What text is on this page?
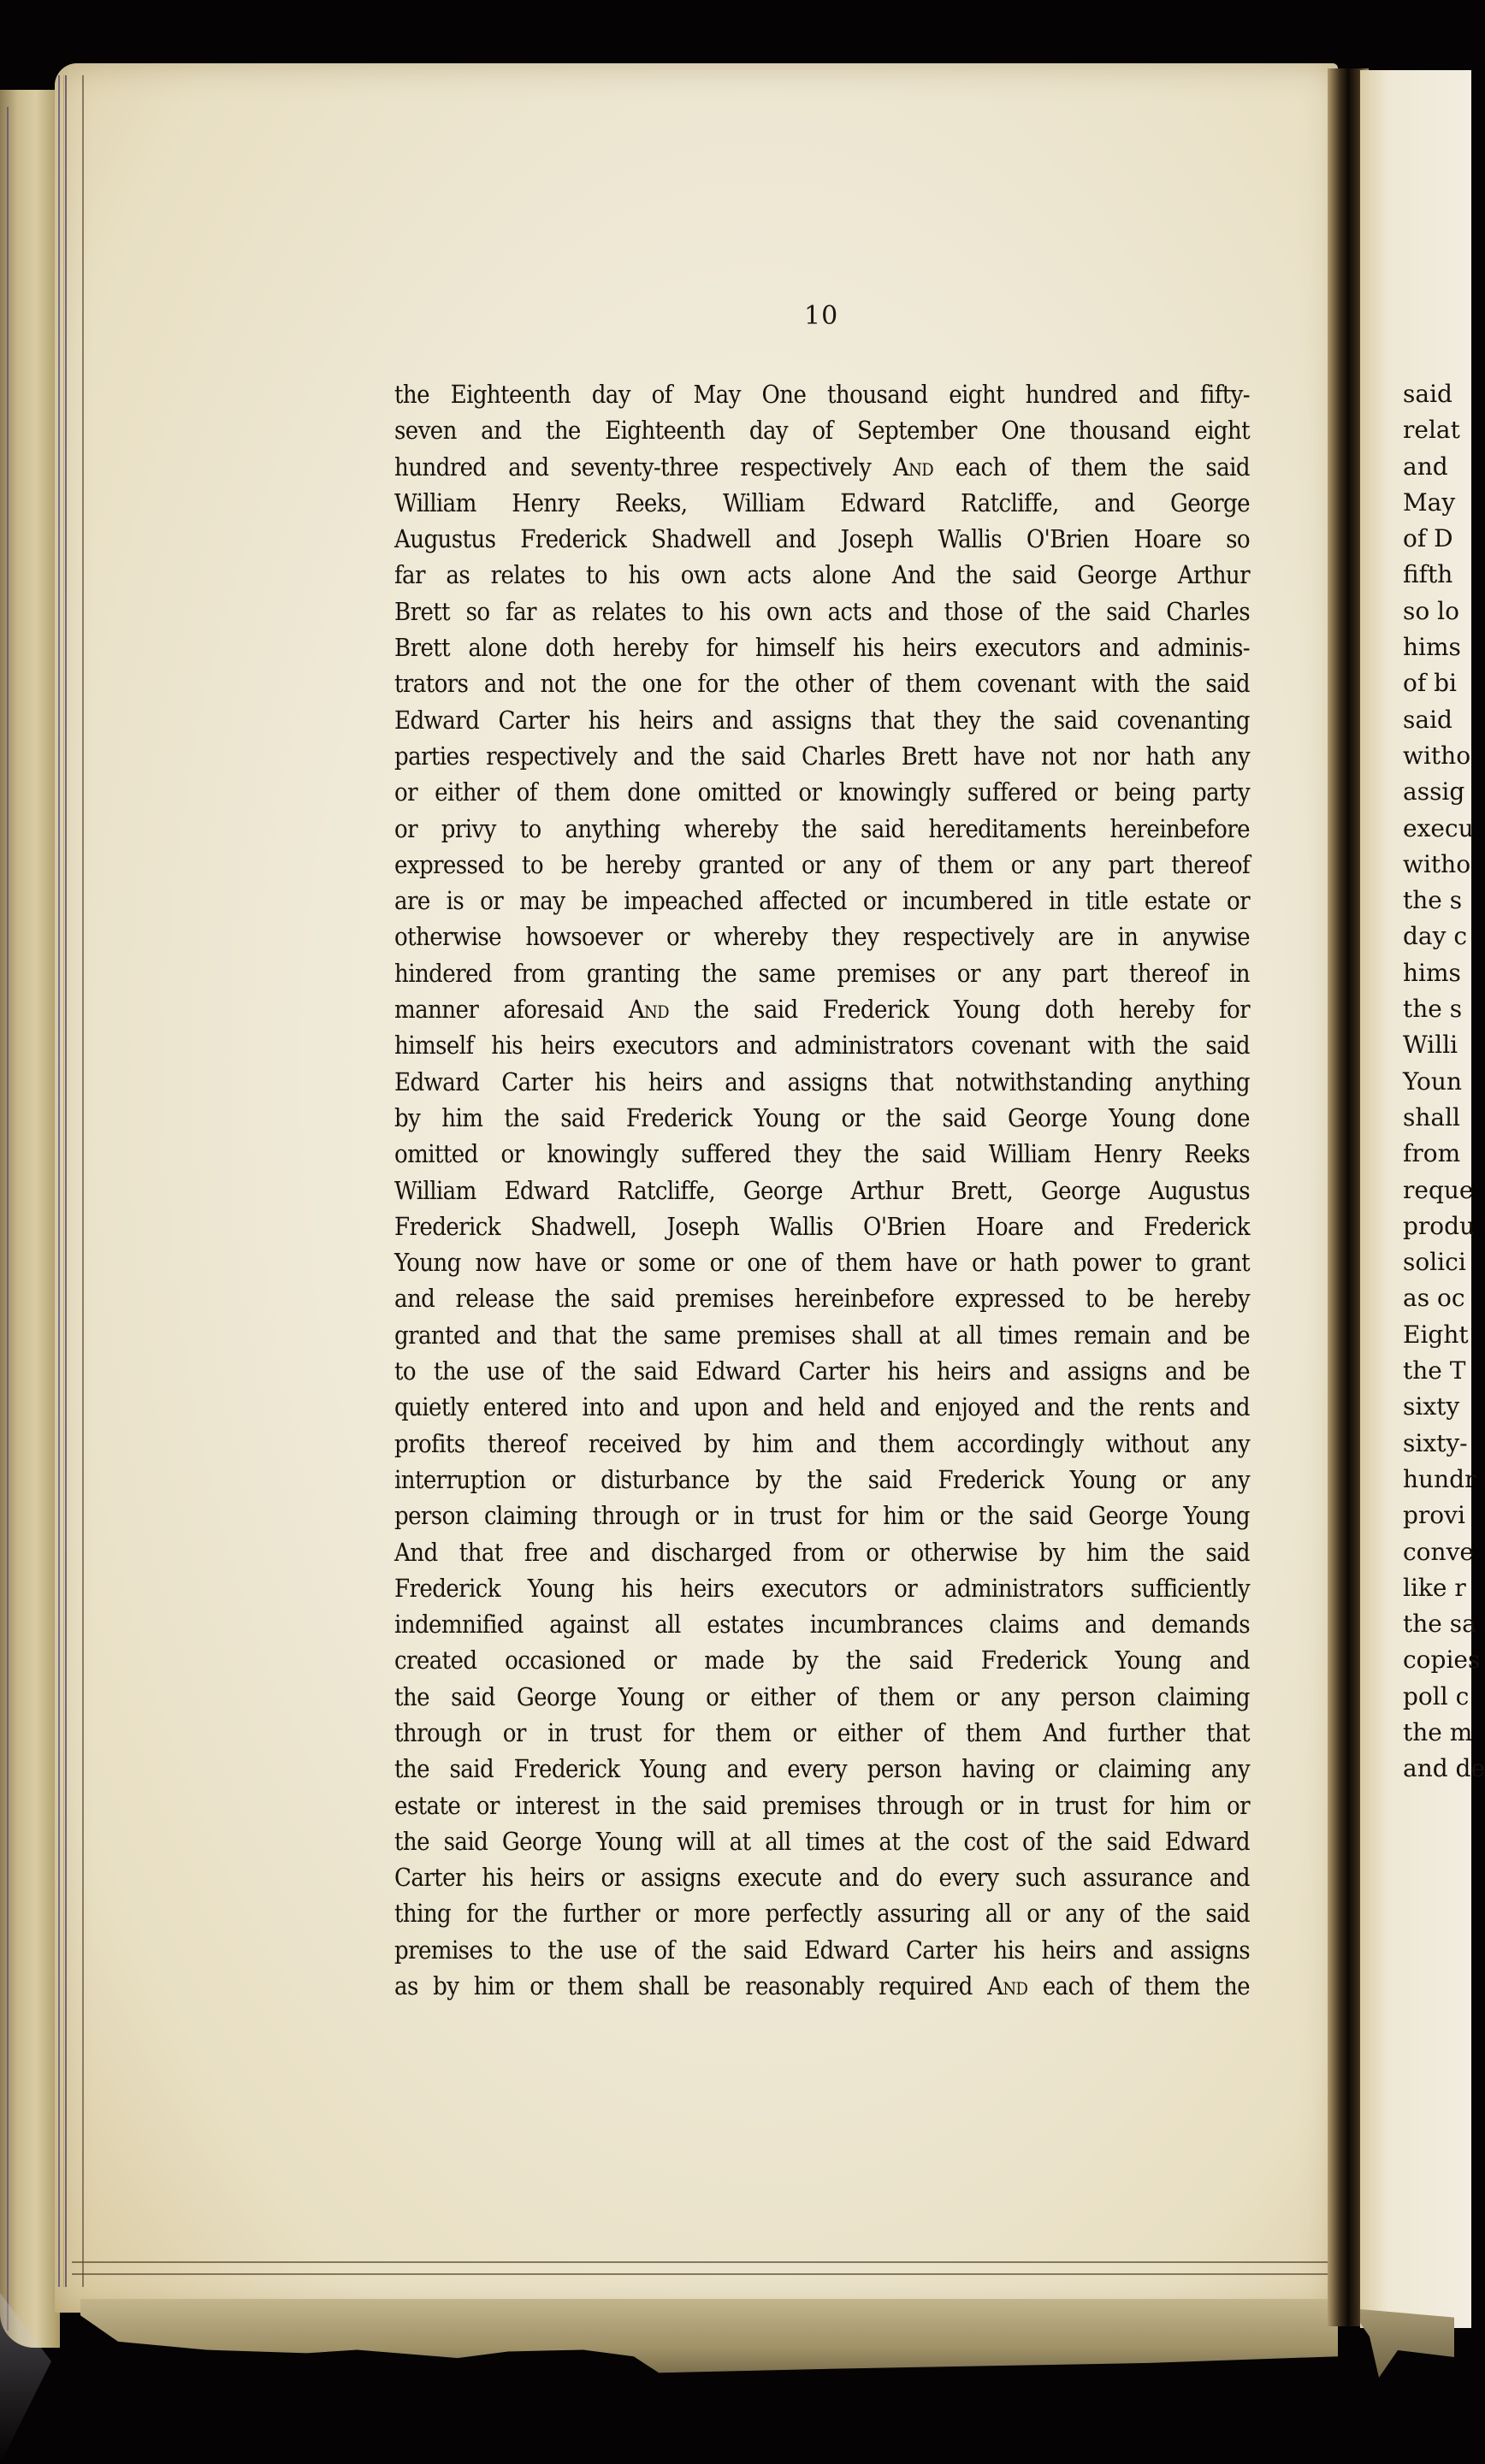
10
the Eighteenth day of May One thousand eight hundred and fifty-
seven and the Eighteenth day of September One thousand eight
hundred and seventy-three respectively And each of them the said
William Henry Reeks, William Edward Ratcliffe, and George
Augustus Frederick Shadwell and Joseph Wallis O'Brien Hoare so
far as relates to his own acts alone And the said George Arthur
Brett so far as relates to his own acts and those of the said Charles
Brett alone doth hereby for himself his heirs executors and adminis-
trators and not the one for the other of them covenant with the said
Edward Carter his heirs and assigns that they the said covenanting
parties respectively and the said Charles Brett have not nor hath any
or either of them done omitted or knowingly suffered or being party
or privy to anything whereby the said hereditaments hereinbefore
expressed to be hereby granted or any of them or any part thereof
are is or may be impeached affected or incumbered in title estate or
otherwise howsoever or whereby they respectively are in anywise
hindered from granting the same premises or any part thereof in
manner aforesaid And the said Frederick Young doth hereby for
himself his heirs executors and administrators covenant with the said
Edward Carter his heirs and assigns that notwithstanding anything
by him the said Frederick Young or the said George Young done
omitted or knowingly suffered they the said William Henry Reeks
William Edward Ratcliffe, George Arthur Brett, George Augustus
Frederick Shadwell, Joseph Wallis O'Brien Hoare and Frederick
Young now have or some or one of them have or hath power to grant
and release the said premises hereinbefore expressed to be hereby
granted and that the same premises shall at all times remain and be
to the use of the said Edward Carter his heirs and assigns and be
quietly entered into and upon and held and enjoyed and the rents and
profits thereof received by him and them accordingly without any
interruption or disturbance by the said Frederick Young or any
person claiming through or in trust for him or the said George Young
And that free and discharged from or otherwise by him the said
Frederick Young his heirs executors or administrators sufficiently
indemnified against all estates incumbrances claims and demands
created occasioned or made by the said Frederick Young and
the said George Young or either of them or any person claiming
through or in trust for them or either of them And further that
the said Frederick Young and every person having or claiming any
estate or interest in the said premises through or in trust for him or
the said George Young will at all times at the cost of the said Edward
Carter his heirs or assigns execute and do every such assurance and
thing for the further or more perfectly assuring all or any of the said
premises to the use of the said Edward Carter his heirs and assigns
as by him or them shall be reasonably required And each of them the
said
relat
and
May
of D
fifth
so lo
hims
of bi
said
witho
assig
execu
witho
the s
day c
hims
the s
Willi
Youn
shall
from
reque
produ
solici
as oc
Eight
the T
sixty
sixty-
hundr
provi
conve
like r
the sa
copies
poll c
the m
and de
